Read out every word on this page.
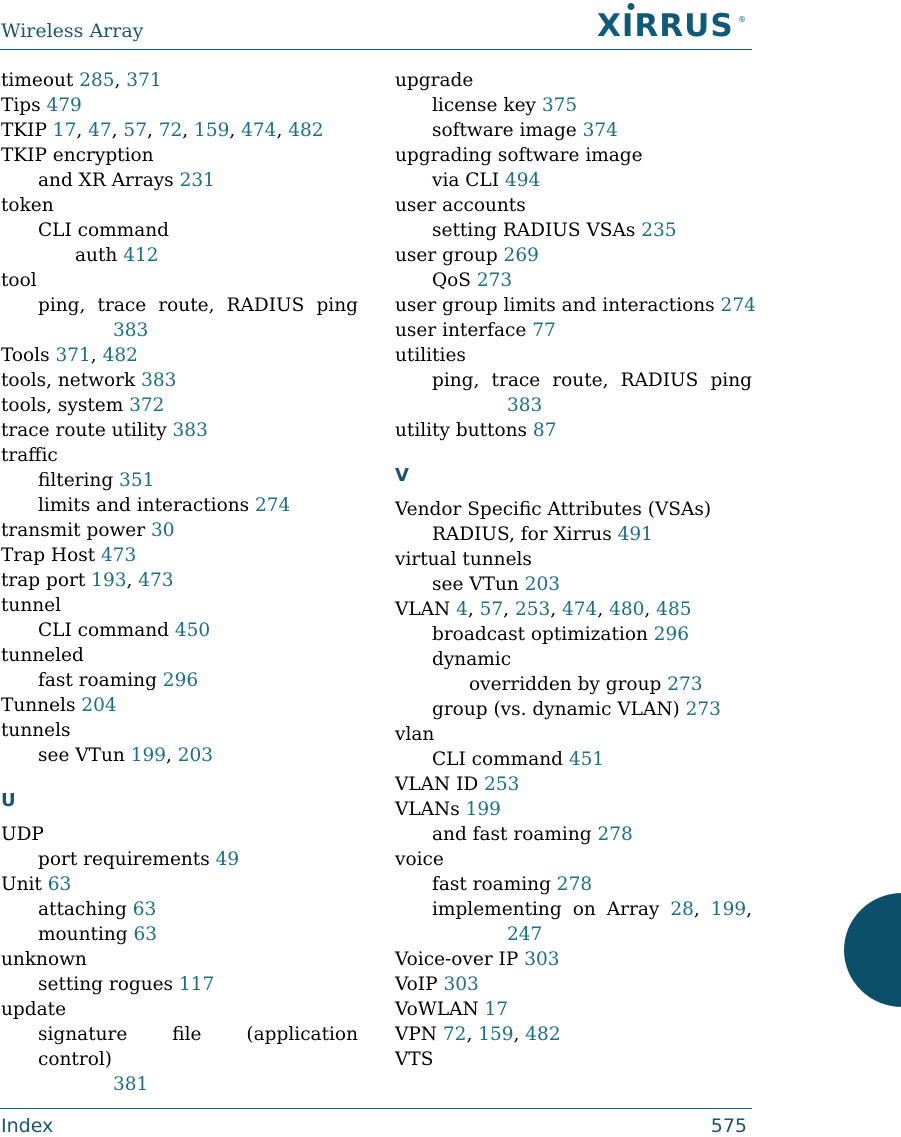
Wireless Array	XIRRUS ®
timeout 285, 371
Tips 479
TKIP 17, 47, 57, 72, 159, 474, 482
TKIP encryption
and XR Arrays 231
token
CLI command
auth 412
tool
ping, trace route, RADIUS ping
383
Tools 371, 482
tools, network 383
tools, system 372
trace route utility 383
traffic
filtering 351
limits and interactions 274
transmit power 30
Trap Host 473
trap port 193, 473
tunnel
CLI command 450
tunneled
fast roaming 296
Tunnels 204
tunnels
see VTun 199, 203
U
UDP
port requirements 49
Unit 63
attaching 63
mounting 63
unknown
setting rogues 117
update
signature file (application control)
381
upgrade
license key 375
software image 374
upgrading software image
via CLI 494
user accounts
setting RADIUS VSAs 235
user group 269
QoS 273
user group limits and interactions 274
user interface 77
utilities
ping, trace route, RADIUS ping
383
utility buttons 87
V
Vendor Specific Attributes (VSAs)
RADIUS, for Xirrus 491
virtual tunnels
see VTun 203
VLAN 4, 57, 253, 474, 480, 485
broadcast optimization 296
dynamic
overridden by group 273
group (vs. dynamic VLAN) 273
vlan
CLI command 451
VLAN ID 253
VLANs 199
and fast roaming 278
voice
fast roaming 278
implementing on Array 28, 199,
247
Voice-over IP 303
VoIP 303
VoWLAN 17
VPN 72, 159, 482
VTS
Index	575
